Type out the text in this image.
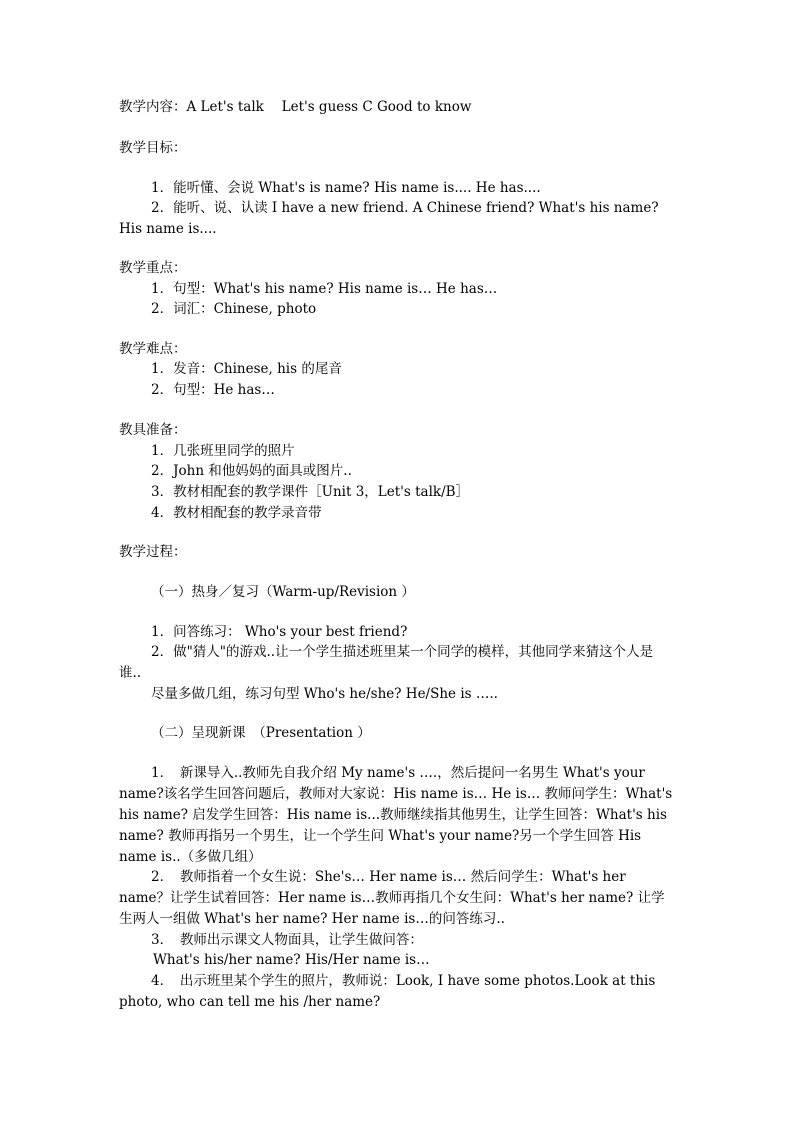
教学内容：A Let's talk　 Let's guess C Good to know
教学目标：
1．能听懂、会说 What's is name? His name is.... He has....
2．能听、说、认读 I have a new friend. A Chinese friend? What's his name? His name is....
教学重点：
1．句型：What's his name? His name is… He has…
2．词汇：Chinese, photo
教学难点：
1．发音：Chinese, his 的尾音
2．句型：He has…
教具准备：
1．几张班里同学的照片
2．John 和他妈妈的面具或图片..
3．教材相配套的教学课件［Unit 3，Let's talk/B］
4．教材相配套的教学录音带
教学过程：
（一）热身／复习（Warm-up/Revision ）
1．问答练习： Who's your best friend?
2．做"猜人"的游戏..让一个学生描述班里某一个同学的模样，其他同学来猜这个人是谁..
尽量多做几组，练习句型 Who's he/she? He/She is …..
（二）呈现新课　（Presentation ）
1．　新课导入..教师先自我介绍 My name's ….，然后提问一名男生 What's your name?该名学生回答问题后，教师对大家说：His name is… He is… 教师问学生：What's his name? 启发学生回答：His name is...教师继续指其他男生，让学生回答：What's his name? 教师再指另一个男生，让一个学生问 What's your name?另一个学生回答 His name is..（多做几组）
2．　教师指着一个女生说：She's… Her name is… 然后问学生：What's her name？让学生试着回答：Her name is…教师再指几个女生问：What's her name? 让学生两人一组做 What's her name? Her name is…的问答练习..
3．　教师出示课文人物面具，让学生做问答：
What's his/her name? His/Her name is…
4．　出示班里某个学生的照片，教师说：Look, I have some photos.Look at this photo, who can tell me his /her name?
